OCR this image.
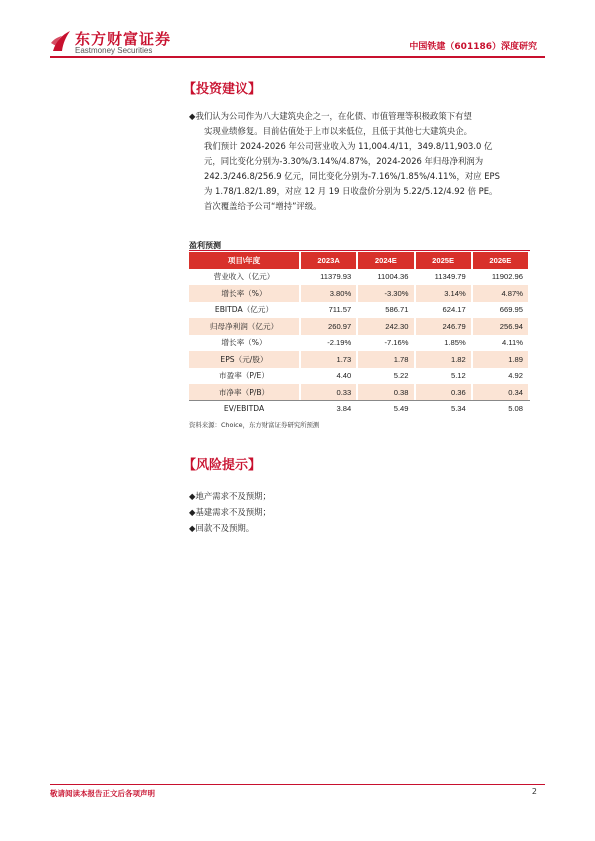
东方财富证券
Eastmoney Securities	中国铁建（601186）深度研究
【投资建议】
◆我们认为公司作为八大建筑央企之一，在化债、市值管理等积极政策下有望
实现业绩修复。目前估值处于上市以来低位，且低于其他七大建筑央企。
我们预计 2024-2026 年公司营业收入为 11,004.4/11，349.8/11,903.0 亿
元，同比变化分别为-3.30%/3.14%/4.87%，2024-2026 年归母净利润为
242.3/246.8/256.9 亿元，同比变化分别为-7.16%/1.85%/4.11%，对应 EPS
为 1.78/1.82/1.89，对应 12 月 19 日收盘价分别为 5.22/5.12/4.92 倍 PE。
首次覆盖给予公司“增持”评级。
盈利预测
项目\年度	2023A	2024E	2025E	2026E
营业收入（亿元）	11379.93	11004.36	11349.79	11902.96
增长率（%）	3.80%	-3.30%	3.14%	4.87%
EBITDA（亿元）	711.57	586.71	624.17	669.95
归母净利润（亿元）	260.97	242.30	246.79	256.94
增长率（%）	-2.19%	-7.16%	1.85%	4.11%
EPS（元/股）	1.73	1.78	1.82	1.89
市盈率（P/E）	4.40	5.22	5.12	4.92
市净率（P/B）	0.33	0.38	0.36	0.34
EV/EBITDA	3.84	5.49	5.34	5.08
资料来源：Choice，东方财富证券研究所预测
【风险提示】
◆地产需求不及预期；
◆基建需求不及预期；
◆回款不及预期。
敬请阅读本报告正文后各项声明	2
